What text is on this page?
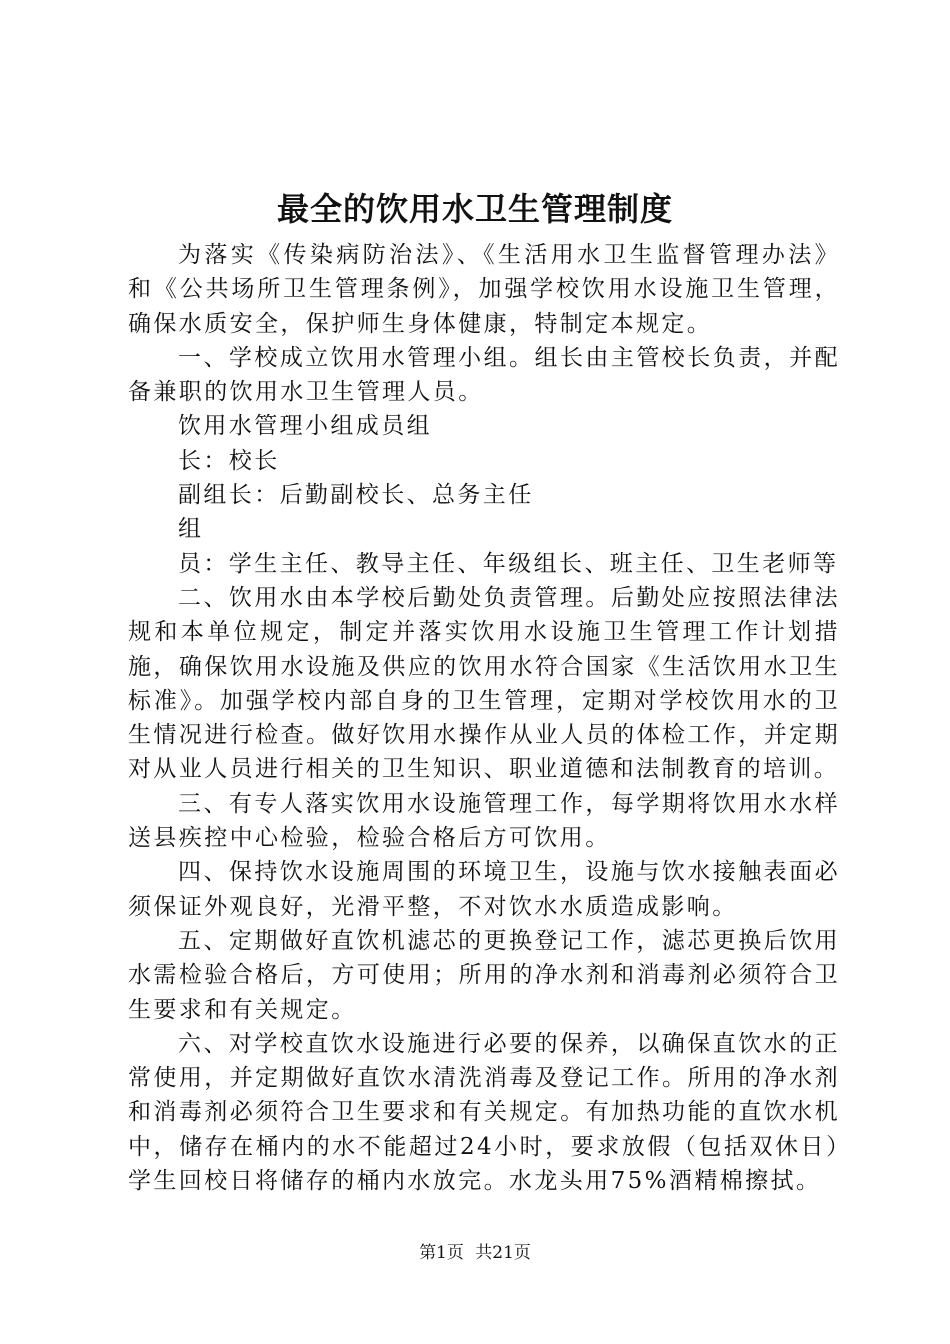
最全的饮用水卫生管理制度

为落实《传染病防治法》、《生活用水卫生监督管理办法》和《公共场所卫生管理条例》，加强学校饮用水设施卫生管理，确保水质安全，保护师生身体健康，特制定本规定。

一、学校成立饮用水管理小组。组长由主管校长负责，并配备兼职的饮用水卫生管理人员。

饮用水管理小组成员组

长：校长

副组长：后勤副校长、总务主任

组

员：学生主任、教导主任、年级组长、班主任、卫生老师等

二、饮用水由本学校后勤处负责管理。后勤处应按照法律法规和本单位规定，制定并落实饮用水设施卫生管理工作计划措施，确保饮用水设施及供应的饮用水符合国家《生活饮用水卫生标准》。加强学校内部自身的卫生管理，定期对学校饮用水的卫生情况进行检查。做好饮用水操作从业人员的体检工作，并定期对从业人员进行相关的卫生知识、职业道德和法制教育的培训。

三、有专人落实饮用水设施管理工作，每学期将饮用水水样送县疾控中心检验，检验合格后方可饮用。

四、保持饮水设施周围的环境卫生，设施与饮水接触表面必须保证外观良好，光滑平整，不对饮水水质造成影响。

五、定期做好直饮机滤芯的更换登记工作，滤芯更换后饮用水需检验合格后，方可使用；所用的净水剂和消毒剂必须符合卫生要求和有关规定。

六、对学校直饮水设施进行必要的保养，以确保直饮水的正常使用，并定期做好直饮水清洗消毒及登记工作。所用的净水剂和消毒剂必须符合卫生要求和有关规定。有加热功能的直饮水机中，储存在桶内的水不能超过24小时，要求放假（包括双休日）学生回校日将储存的桶内水放完。水龙头用75%酒精棉擦拭。

第1页 共21页
